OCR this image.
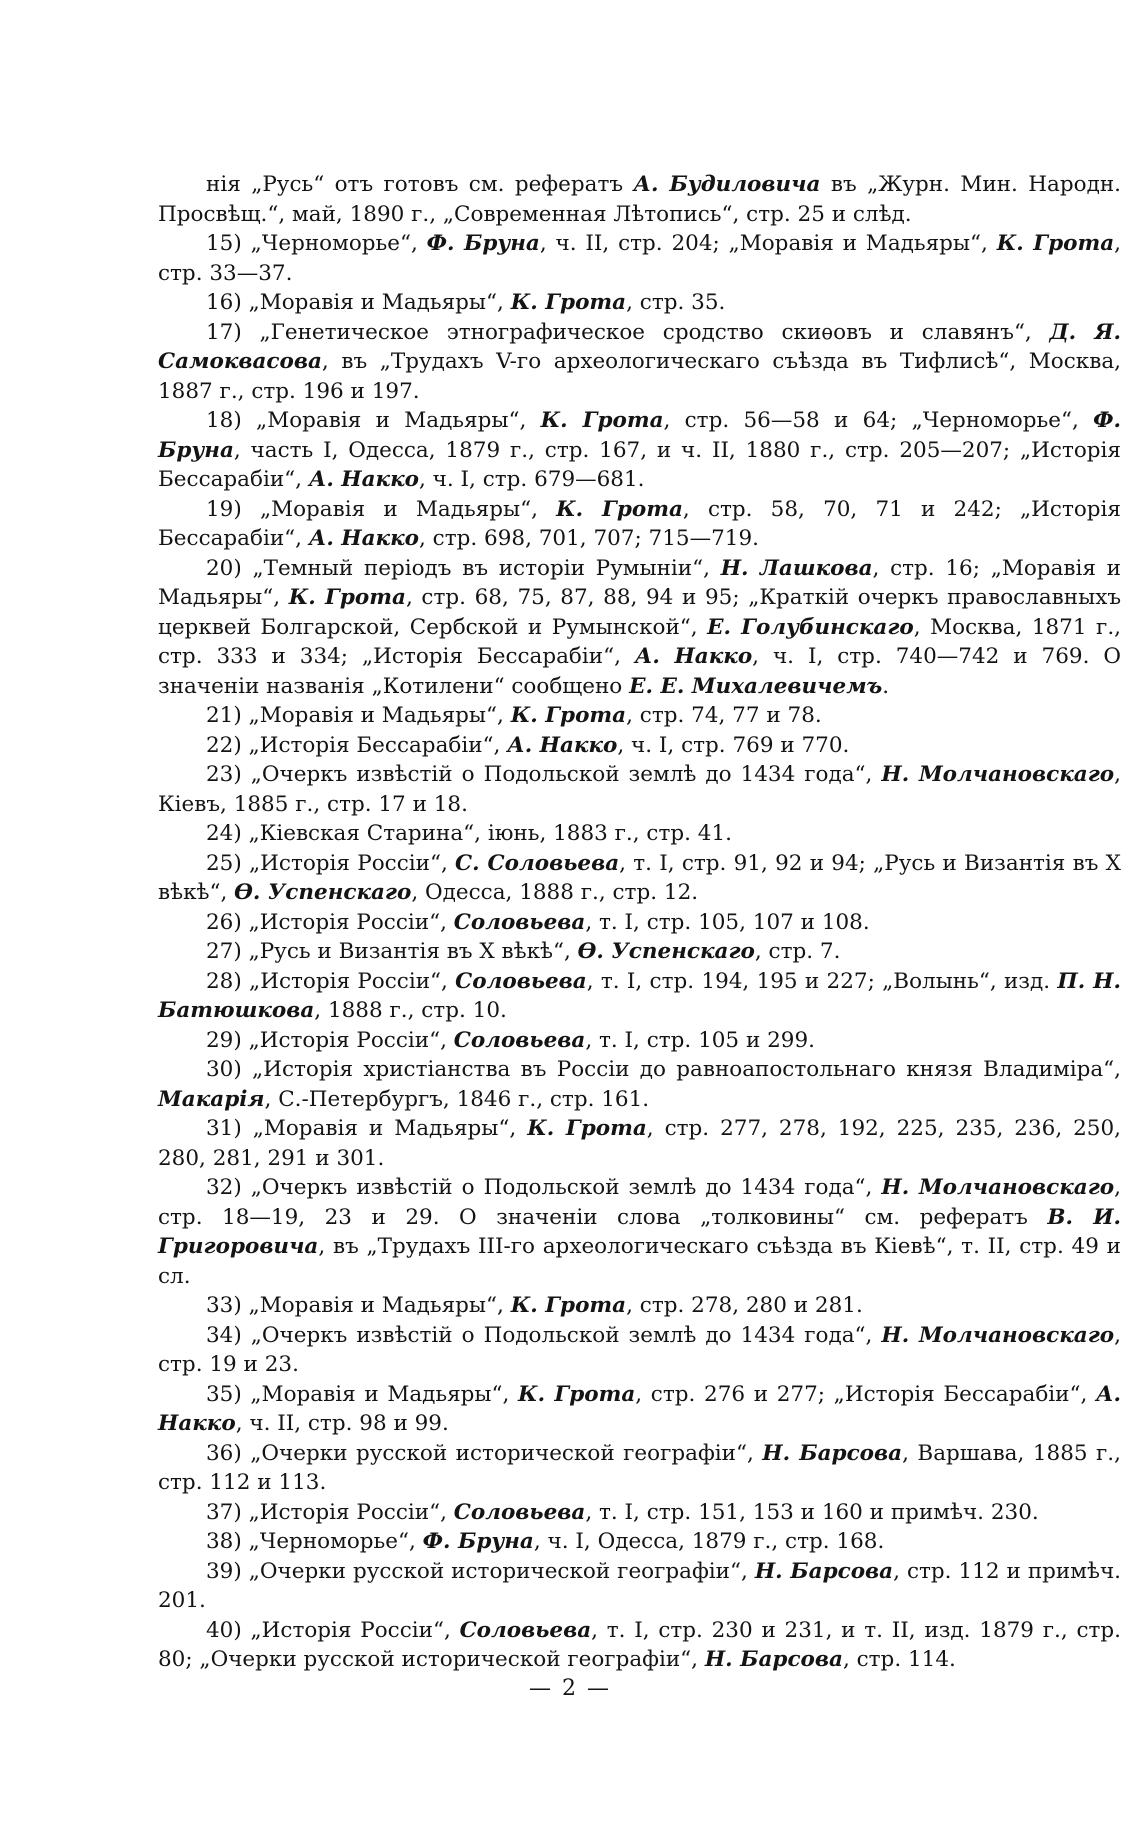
нія „Русь“ отъ готовъ см. рефератъ А. Будиловича въ „Журн. Мин. Народн. Просвѣщ.“, май, 1890 г., „Современная Лѣтопись“, стр. 25 и слѣд.

15) „Черноморье“, Ф. Бруна, ч. II, стр. 204; „Моравія и Мадьяры“, К. Грота, стр. 33—37.

16) „Моравія и Мадьяры“, К. Грота, стр. 35.

17) „Генетическое этнографическое сродство скиѳовъ и славянъ“, Д. Я. Самоквасова, въ „Трудахъ V-го археологическаго съѣзда въ Тифлисѣ“, Москва, 1887 г., стр. 196 и 197.

18) „Моравія и Мадьяры“, К. Грота, стр. 56—58 и 64; „Черноморье“, Ф. Бруна, часть I, Одесса, 1879 г., стр. 167, и ч. II, 1880 г., стр. 205—207; „Исторія Бессарабіи“, А. Накко, ч. I, стр. 679—681.

19) „Моравія и Мадьяры“, К. Грота, стр. 58, 70, 71 и 242; „Исторія Бессарабіи“, А. Накко, стр. 698, 701, 707; 715—719.

20) „Темный періодъ въ исторіи Румыніи“, Н. Лашкова, стр. 16; „Моравія и Мадьяры“, К. Грота, стр. 68, 75, 87, 88, 94 и 95; „Краткій очеркъ православныхъ церквей Болгарской, Сербской и Румынской“, Е. Голубинскаго, Москва, 1871 г., стр. 333 и 334; „Исторія Бессарабіи“, А. Накко, ч. I, стр. 740—742 и 769. О значеніи названія „Котилени“ сообщено Е. Е. Михалевичемъ.

21) „Моравія и Мадьяры“, К. Грота, стр. 74, 77 и 78.

22) „Исторія Бессарабіи“, А. Накко, ч. I, стр. 769 и 770.

23) „Очеркъ извѣстій о Подольской землѣ до 1434 года“, Н. Молчановскаго, Кіевъ, 1885 г., стр. 17 и 18.

24) „Кіевская Старина“, іюнь, 1883 г., стр. 41.

25) „Исторія Россіи“, С. Соловьева, т. I, стр. 91, 92 и 94; „Русь и Византія въ X вѣкѣ“, Ѳ. Успенскаго, Одесса, 1888 г., стр. 12.

26) „Исторія Россіи“, Соловьева, т. I, стр. 105, 107 и 108.

27) „Русь и Византія въ X вѣкѣ“, Ѳ. Успенскаго, стр. 7.

28) „Исторія Россіи“, Соловьева, т. I, стр. 194, 195 и 227; „Волынь“, изд. П. Н. Батюшкова, 1888 г., стр. 10.

29) „Исторія Россіи“, Соловьева, т. I, стр. 105 и 299.

30) „Исторія христіанства въ Россіи до равноапостольнаго князя Владиміра“, Макарія, С.-Петербургъ, 1846 г., стр. 161.

31) „Моравія и Мадьяры“, К. Грота, стр. 277, 278, 192, 225, 235, 236, 250, 280, 281, 291 и 301.

32) „Очеркъ извѣстій о Подольской землѣ до 1434 года“, Н. Молчановскаго, стр. 18—19, 23 и 29. О значеніи слова „толковины“ см. рефератъ В. И. Григоровича, въ „Трудахъ III-го археологическаго съѣзда въ Кіевѣ“, т. II, стр. 49 и сл.

33) „Моравія и Мадьяры“, К. Грота, стр. 278, 280 и 281.

34) „Очеркъ извѣстій о Подольской землѣ до 1434 года“, Н. Молчановскаго, стр. 19 и 23.

35) „Моравія и Мадьяры“, К. Грота, стр. 276 и 277; „Исторія Бессарабіи“, А. Накко, ч. II, стр. 98 и 99.

36) „Очерки русской исторической географіи“, Н. Барсова, Варшава, 1885 г., стр. 112 и 113.

37) „Исторія Россіи“, Соловьева, т. I, стр. 151, 153 и 160 и примѣч. 230.

38) „Черноморье“, Ф. Бруна, ч. I, Одесса, 1879 г., стр. 168.

39) „Очерки русской исторической географіи“, Н. Барсова, стр. 112 и примѣч. 201.

40) „Исторія Россіи“, Соловьева, т. I, стр. 230 и 231, и т. II, изд. 1879 г., стр. 80; „Очерки русской исторической географіи“, Н. Барсова, стр. 114.

— 2 —
